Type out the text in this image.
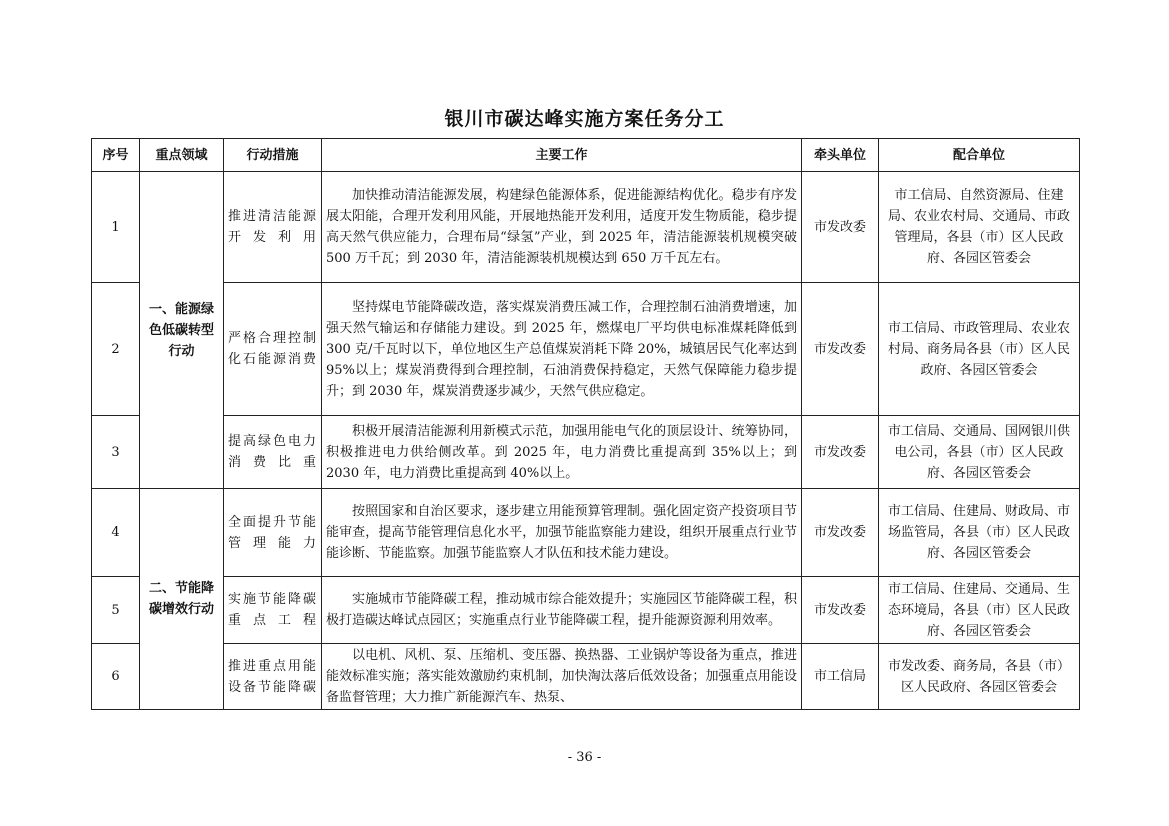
银川市碳达峰实施方案任务分工
序号	重点领域	行动措施	主要工作	牵头单位	配合单位
1	一、能源绿色低碳转型行动	推进清洁能源开发利用	加快推动清洁能源发展，构建绿色能源体系，促进能源结构优化。稳步有序发展太阳能，合理开发利用风能，开展地热能开发利用，适度开发生物质能，稳步提高天然气供应能力，合理布局“绿氢”产业，到 2025 年，清洁能源装机规模突破 500 万千瓦；到 2030 年，清洁能源装机规模达到 650 万千瓦左右。	市发改委	市工信局、自然资源局、住建局、农业农村局、交通局、市政管理局，各县（市）区人民政府、各园区管委会
2		严格合理控制化石能源消费	坚持煤电节能降碳改造，落实煤炭消费压减工作，合理控制石油消费增速，加强天然气输运和存储能力建设。到 2025 年，燃煤电厂平均供电标准煤耗降低到 300 克/千瓦时以下，单位地区生产总值煤炭消耗下降 20%，城镇居民气化率达到 95%以上；煤炭消费得到合理控制，石油消费保持稳定，天然气保障能力稳步提升；到 2030 年，煤炭消费逐步减少，天然气供应稳定。	市发改委	市工信局、市政管理局、农业农村局、商务局各县（市）区人民政府、各园区管委会
3		提高绿色电力消费比重	积极开展清洁能源利用新模式示范，加强用能电气化的顶层设计、统筹协同，积极推进电力供给侧改革。到 2025 年，电力消费比重提高到 35%以上；到 2030 年，电力消费比重提高到 40%以上。	市发改委	市工信局、交通局、国网银川供电公司，各县（市）区人民政府、各园区管委会
4	二、节能降碳增效行动	全面提升节能管理能力	按照国家和自治区要求，逐步建立用能预算管理制。强化固定资产投资项目节能审查，提高节能管理信息化水平，加强节能监察能力建设，组织开展重点行业节能诊断、节能监察。加强节能监察人才队伍和技术能力建设。	市发改委	市工信局、住建局、财政局、市场监管局，各县（市）区人民政府、各园区管委会
5		实施节能降碳重点工程	实施城市节能降碳工程，推动城市综合能效提升；实施园区节能降碳工程，积极打造碳达峰试点园区；实施重点行业节能降碳工程，提升能源资源利用效率。	市发改委	市工信局、住建局、交通局、生态环境局，各县（市）区人民政府、各园区管委会
6		推进重点用能设备节能降碳	以电机、风机、泵、压缩机、变压器、换热器、工业锅炉等设备为重点，推进能效标准实施；落实能效激励约束机制，加快淘汰落后低效设备；加强重点用能设备监督管理；大力推广新能源汽车、热泵、	市工信局	市发改委、商务局，各县（市）区人民政府、各园区管委会
- 36 -
